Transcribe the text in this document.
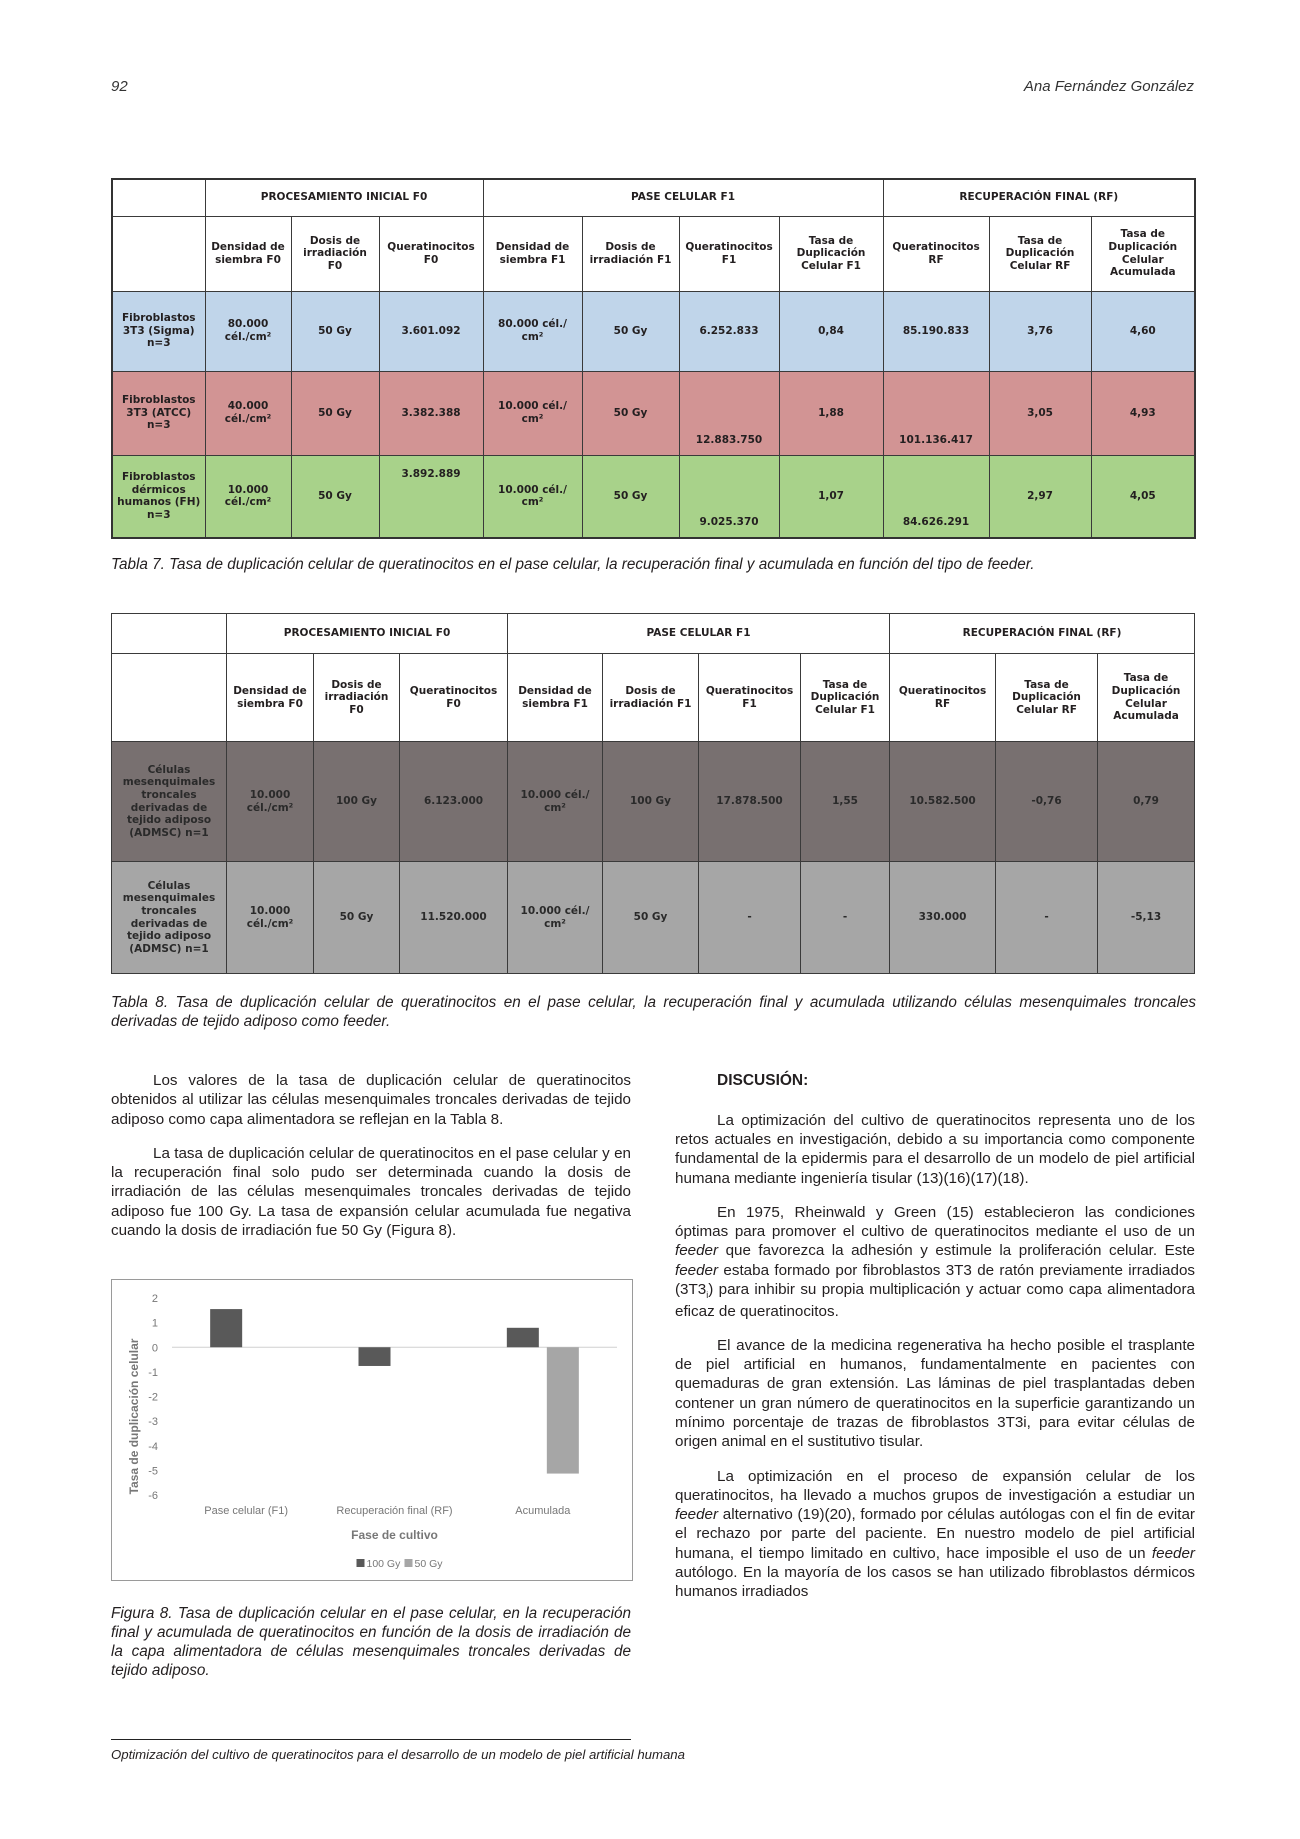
92	Ana Fernández González
	PROCESAMIENTO INICIAL F0			PASE CELULAR F1				RECUPERACIÓN FINAL (RF)		
	Densidad de siembra F0	Dosis de irradiación F0	Queratinocitos F0	Densidad de siembra F1	Dosis de irradiación F1	Queratinocitos F1	Tasa de Duplicación Celular F1	Queratinocitos RF	Tasa de Duplicación Celular RF	Tasa de Duplicación Celular Acumulada
Fibroblastos 3T3 (Sigma) n=3	80.000 cél./cm²	50 Gy	3.601.092	80.000 cél./ cm²	50 Gy	6.252.833	0,84	85.190.833	3,76	4,60
Fibroblastos 3T3 (ATCC) n=3	40.000 cél./cm²	50 Gy	3.382.388	10.000 cél./ cm²	50 Gy	12.883.750	1,88	101.136.417	3,05	4,93
Fibroblastos dérmicos humanos (FH) n=3	10.000 cél./cm²	50 Gy	3.892.889	10.000 cél./ cm²	50 Gy	9.025.370	1,07	84.626.291	2,97	4,05
Tabla 7. Tasa de duplicación celular de queratinocitos en el pase celular, la recuperación final y acumulada en función del tipo de feeder.
	PROCESAMIENTO INICIAL F0			PASE CELULAR F1				RECUPERACIÓN FINAL (RF)		
	Densidad de siembra F0	Dosis de irradiación F0	Queratinocitos F0	Densidad de siembra F1	Dosis de irradiación F1	Queratinocitos F1	Tasa de Duplicación Celular F1	Queratinocitos RF	Tasa de Duplicación Celular RF	Tasa de Duplicación Celular Acumulada
Células mesenquimales troncales derivadas de tejido adiposo (ADMSC) n=1	10.000 cél./cm²	100 Gy	6.123.000	10.000 cél./ cm²	100 Gy	17.878.500	1,55	10.582.500	-0,76	0,79
Células mesenquimales troncales derivadas de tejido adiposo (ADMSC) n=1	10.000 cél./cm²	50 Gy	11.520.000	10.000 cél./ cm²	50 Gy	-	-	330.000	-	-5,13
Tabla 8. Tasa de duplicación celular de queratinocitos en el pase celular, la recuperación final y acumulada utilizando células mesenquimales troncales derivadas de tejido adiposo como feeder.

Los valores de la tasa de duplicación celular de queratinocitos obtenidos al utilizar las células mesenquimales troncales derivadas de tejido adiposo como capa alimentadora se reflejan en la Tabla 8.

La tasa de duplicación celular de queratinocitos en el pase celular y en la recuperación final solo pudo ser determinada cuando la dosis de irradiación de las células mesenquimales troncales derivadas de tejido adiposo fue 100 Gy. La tasa de expansión celular acumulada fue negativa cuando la dosis de irradiación fue 50 Gy (Figura 8).

2
1
0
-1
-2
-3
-4
-5
-6
Pase celular (F1)	Recuperación final (RF)	Acumulada
Fase de cultivo
Tasa de duplicación celular
100 Gy 50 Gy
Figura 8. Tasa de duplicación celular en el pase celular, en la recuperación final y acumulada de queratinocitos en función de la dosis de irradiación de la capa alimentadora de células mesenquimales troncales derivadas de tejido adiposo.
DISCUSIÓN:

La optimización del cultivo de queratinocitos representa uno de los retos actuales en investigación, debido a su importancia como componente fundamental de la epidermis para el desarrollo de un modelo de piel artificial humana mediante ingeniería tisular (13)(16)(17)(18).

En 1975, Rheinwald y Green (15) establecieron las condiciones óptimas para promover el cultivo de queratinocitos mediante el uso de un feeder que favorezca la adhesión y estimule la proliferación celular. Este feeder estaba formado por fibroblastos 3T3 de ratón previamente irradiados $(3T3_i)$ para inhibir su propia multiplicación y actuar como capa alimentadora eficaz de queratinocitos.

El avance de la medicina regenerativa ha hecho posible el trasplante de piel artificial en humanos, fundamentalmente en pacientes con quemaduras de gran extensión. Las láminas de piel trasplantadas deben contener un gran número de queratinocitos en la superficie garantizando un mínimo porcentaje de trazas de fibroblastos 3T3i, para evitar células de origen animal en el sustitutivo tisular.

La optimización en el proceso de expansión celular de los queratinocitos, ha llevado a muchos grupos de investigación a estudiar un feeder alternativo (19)(20), formado por células autólogas con el fin de evitar el rechazo por parte del paciente. En nuestro modelo de piel artificial humana, el tiempo limitado en cultivo, hace imposible el uso de un feeder autólogo. En la mayoría de los casos se han utilizado fibroblastos dérmicos humanos irradiados

Optimización del cultivo de queratinocitos para el desarrollo de un modelo de piel artificial humana
